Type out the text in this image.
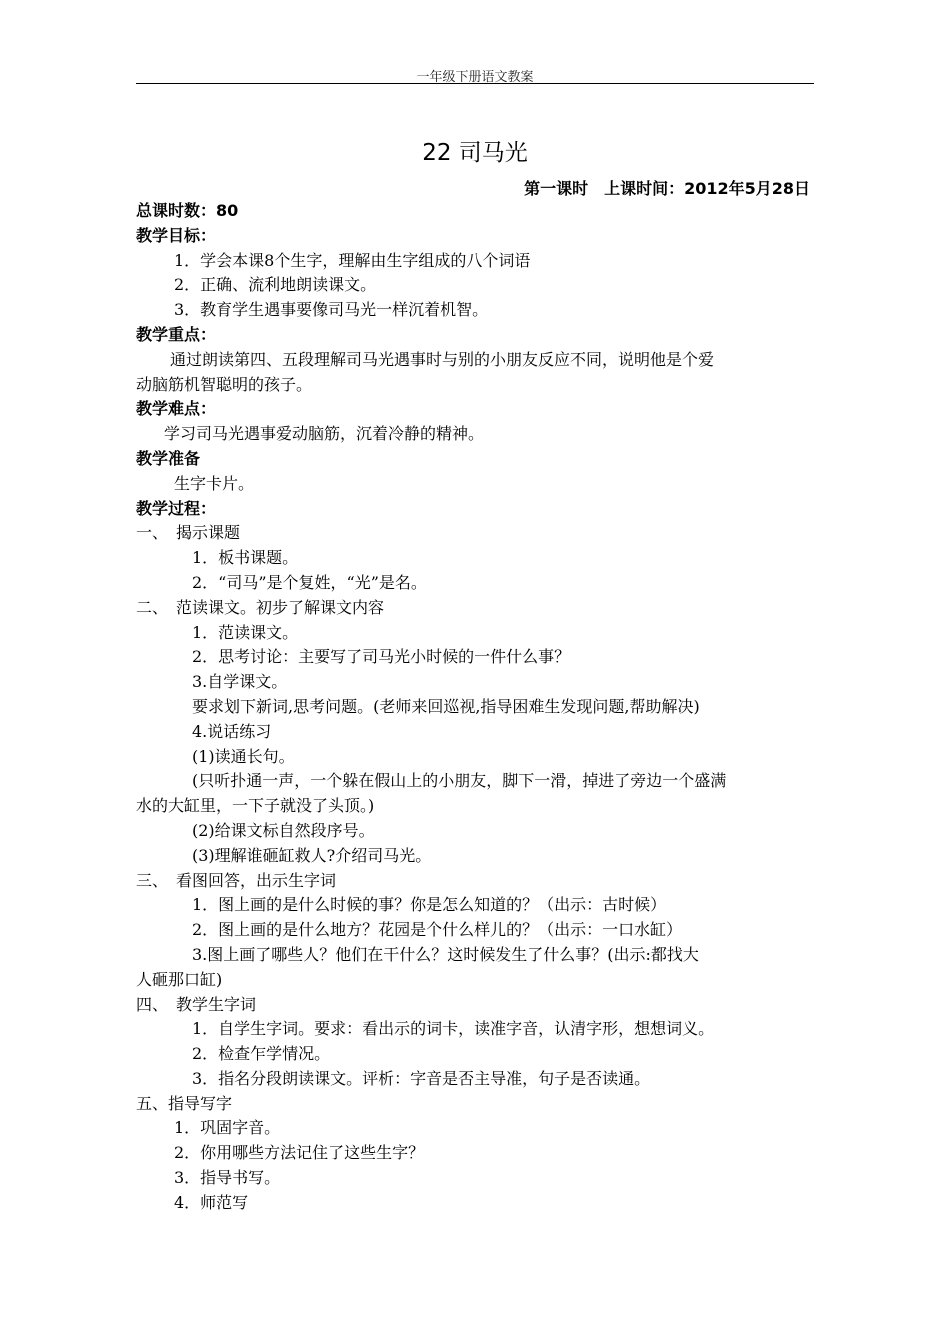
一年级下册语文教案
22 司马光
第一课时　上课时间：2012年5月28日
总课时数：80
教学目标：
1．学会本课8个生字，理解由生字组成的八个词语
2．正确、流利地朗读课文。
3．教育学生遇事要像司马光一样沉着机智。
教学重点：
通过朗读第四、五段理解司马光遇事时与别的小朋友反应不同，说明他是个爱
动脑筋机智聪明的孩子。
教学难点：
学习司马光遇事爱动脑筋，沉着冷静的精神。
教学准备
生字卡片。
教学过程：
一、　揭示课题
1．板书课题。
2．“司马”是个复姓，“光”是名。
二、　范读课文。初步了解课文内容
1．范读课文。
2．思考讨论：主要写了司马光小时候的一件什么事？
3.自学课文。
要求划下新词,思考问题。(老师来回巡视,指导困难生发现问题,帮助解决)
4.说话练习
(1)读通长句。
(只听扑通一声，一个躲在假山上的小朋友，脚下一滑，掉进了旁边一个盛满
水的大缸里，一下子就没了头顶。)
(2)给课文标自然段序号。
(3)理解谁砸缸救人?介绍司马光。
三、　看图回答，出示生字词
1．图上画的是什么时候的事？你是怎么知道的？（出示：古时候）
2．图上画的是什么地方？花园是个什么样儿的？（出示：一口水缸）
3.图上画了哪些人？他们在干什么？这时候发生了什么事？(出示:都找大
人砸那口缸)
四、　教学生字词
1．自学生字词。要求：看出示的词卡，读准字音，认清字形，想想词义。
2．检查乍学情况。
3．指名分段朗读课文。评析：字音是否主导准，句子是否读通。
五、指导写字
1．巩固字音。
2．你用哪些方法记住了这些生字？
3．指导书写。
4．师范写
